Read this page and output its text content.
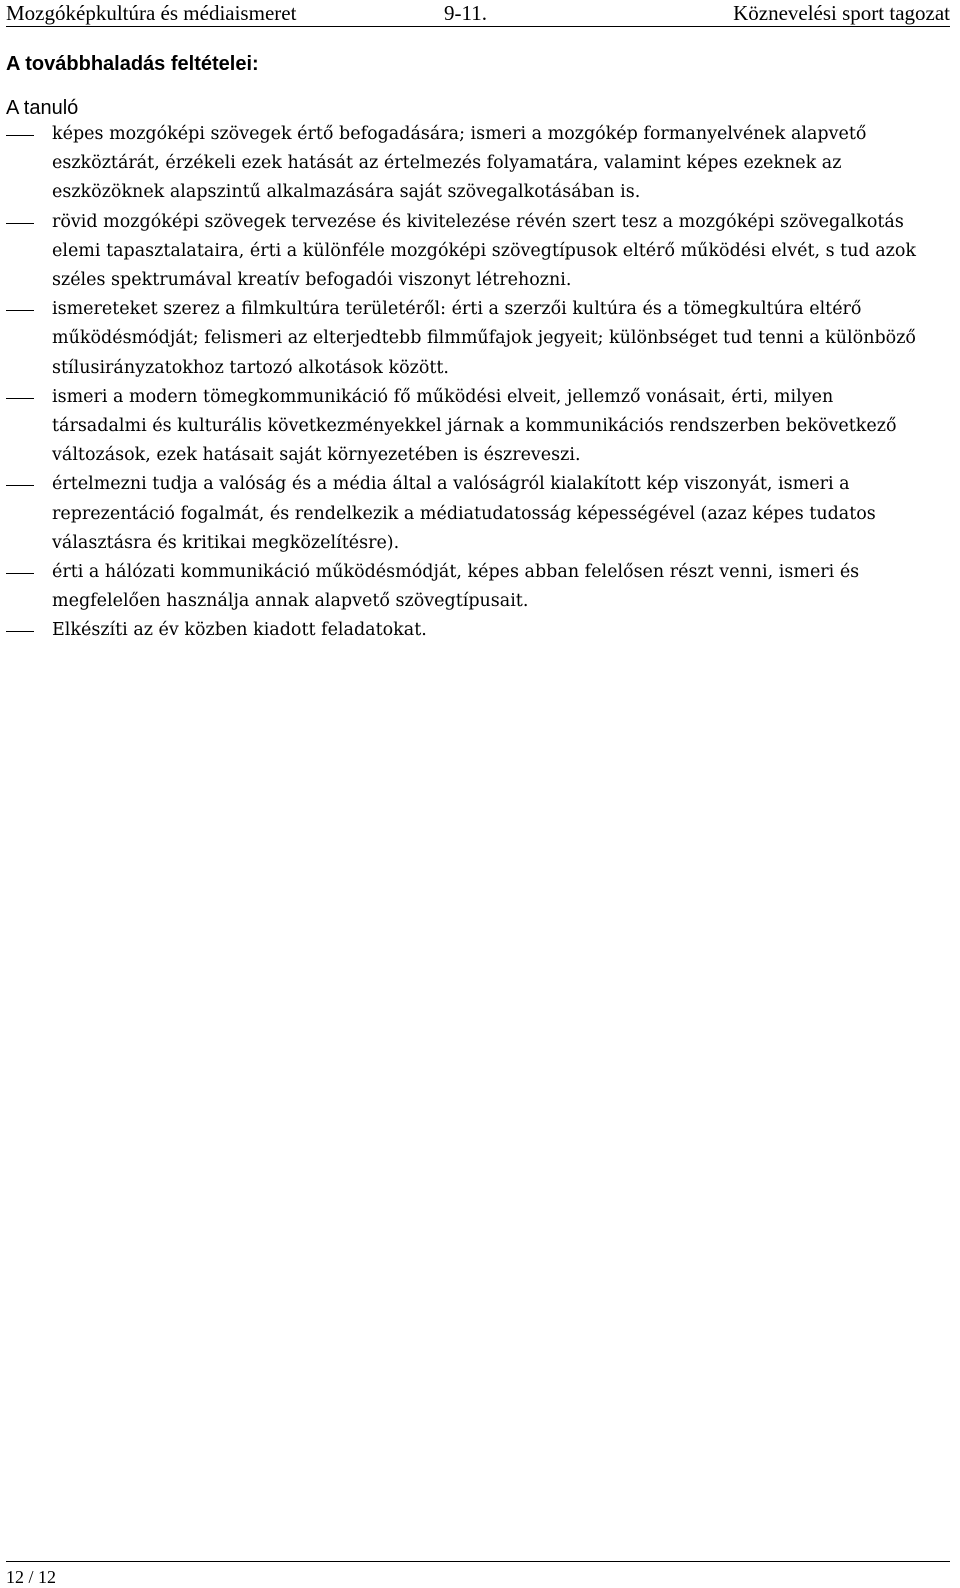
Mozgóképkultúra és médiaismeret	9-11.	Köznevelési sport tagozat
A továbbhaladás feltételei:

A tanuló

képes mozgóképi szövegek értő befogadására; ismeri a mozgókép formanyelvének alapvető eszköztárát, érzékeli ezek hatását az értelmezés folyamatára, valamint képes ezeknek az eszközöknek alapszintű alkalmazására saját szövegalkotásában is.
rövid mozgóképi szövegek tervezése és kivitelezése révén szert tesz a mozgóképi szövegalkotás elemi tapasztalataira, érti a különféle mozgóképi szövegtípusok eltérő működési elvét, s tud azok széles spektrumával kreatív befogadói viszonyt létrehozni.
ismereteket szerez a filmkultúra területéről: érti a szerzői kultúra és a tömegkultúra eltérő működésmódját; felismeri az elterjedtebb filmműfajok jegyeit; különbséget tud tenni a különböző stílusirányzatokhoz tartozó alkotások között.
ismeri a modern tömegkommunikáció fő működési elveit, jellemző vonásait, érti, milyen társadalmi és kulturális következményekkel járnak a kommunikációs rendszerben bekövetkező változások, ezek hatásait saját környezetében is észreveszi.
értelmezni tudja a valóság és a média által a valóságról kialakított kép viszonyát, ismeri a reprezentáció fogalmát, és rendelkezik a médiatudatosság képességével (azaz képes tudatos választásra és kritikai megközelítésre).
érti a hálózati kommunikáció működésmódját, képes abban felelősen részt venni, ismeri és megfelelően használja annak alapvető szövegtípusait.
Elkészíti az év közben kiadott feladatokat.
12 / 12
